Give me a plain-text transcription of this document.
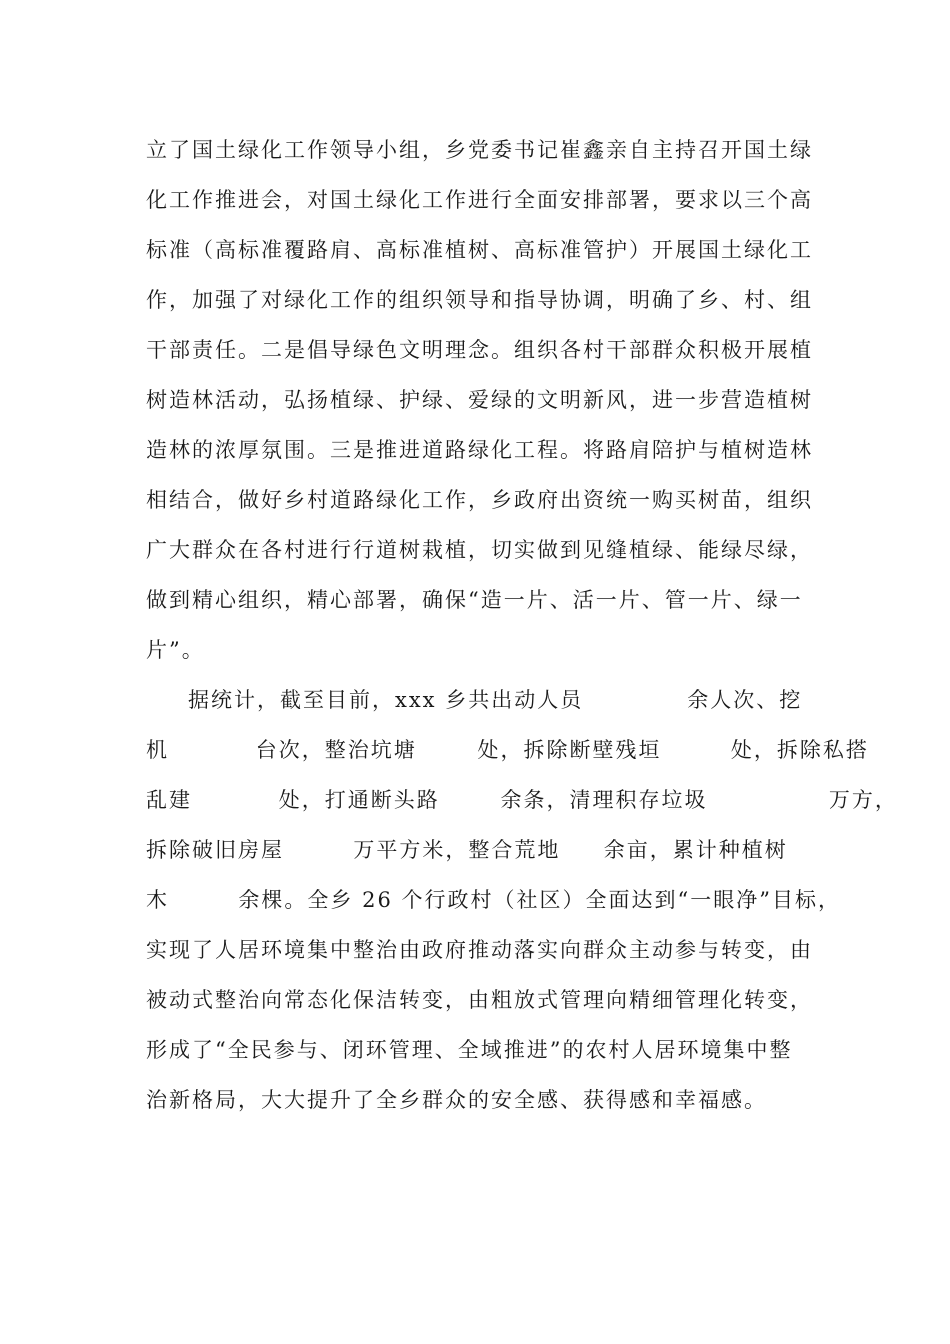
立了国土绿化工作领导小组，乡党委书记崔鑫亲自主持召开国土绿
化工作推进会，对国土绿化工作进行全面安排部署，要求以三个高
标准（高标准覆路肩、高标准植树、高标准管护）开展国土绿化工
作，加强了对绿化工作的组织领导和指导协调，明确了乡、村、组
干部责任。二是倡导绿色文明理念。组织各村干部群众积极开展植
树造林活动，弘扬植绿、护绿、爱绿的文明新风，进一步营造植树
造林的浓厚氛围。三是推进道路绿化工程。将路肩陪护与植树造林
相结合，做好乡村道路绿化工作，乡政府出资统一购买树苗，组织
广大群众在各村进行行道树栽植，切实做到见缝植绿、能绿尽绿，
做到精心组织，精心部署，确保“造一片、活一片、管一片、绿一
片”。
据统计，截至目前，xxx 乡共出动人员            余人次、挖
机          台次，整治坑塘       处，拆除断壁残垣        处，拆除私搭
乱建          处，打通断头路       余条，清理积存垃圾              万方，
拆除破旧房屋        万平方米，整合荒地     余亩，累计种植树
木        余棵。全乡 26 个行政村（社区）全面达到“一眼净”目标，
实现了人居环境集中整治由政府推动落实向群众主动参与转变，由
被动式整治向常态化保洁转变，由粗放式管理向精细管理化转变，
形成了“全民参与、闭环管理、全域推进”的农村人居环境集中整
治新格局，大大提升了全乡群众的安全感、获得感和幸福感。
